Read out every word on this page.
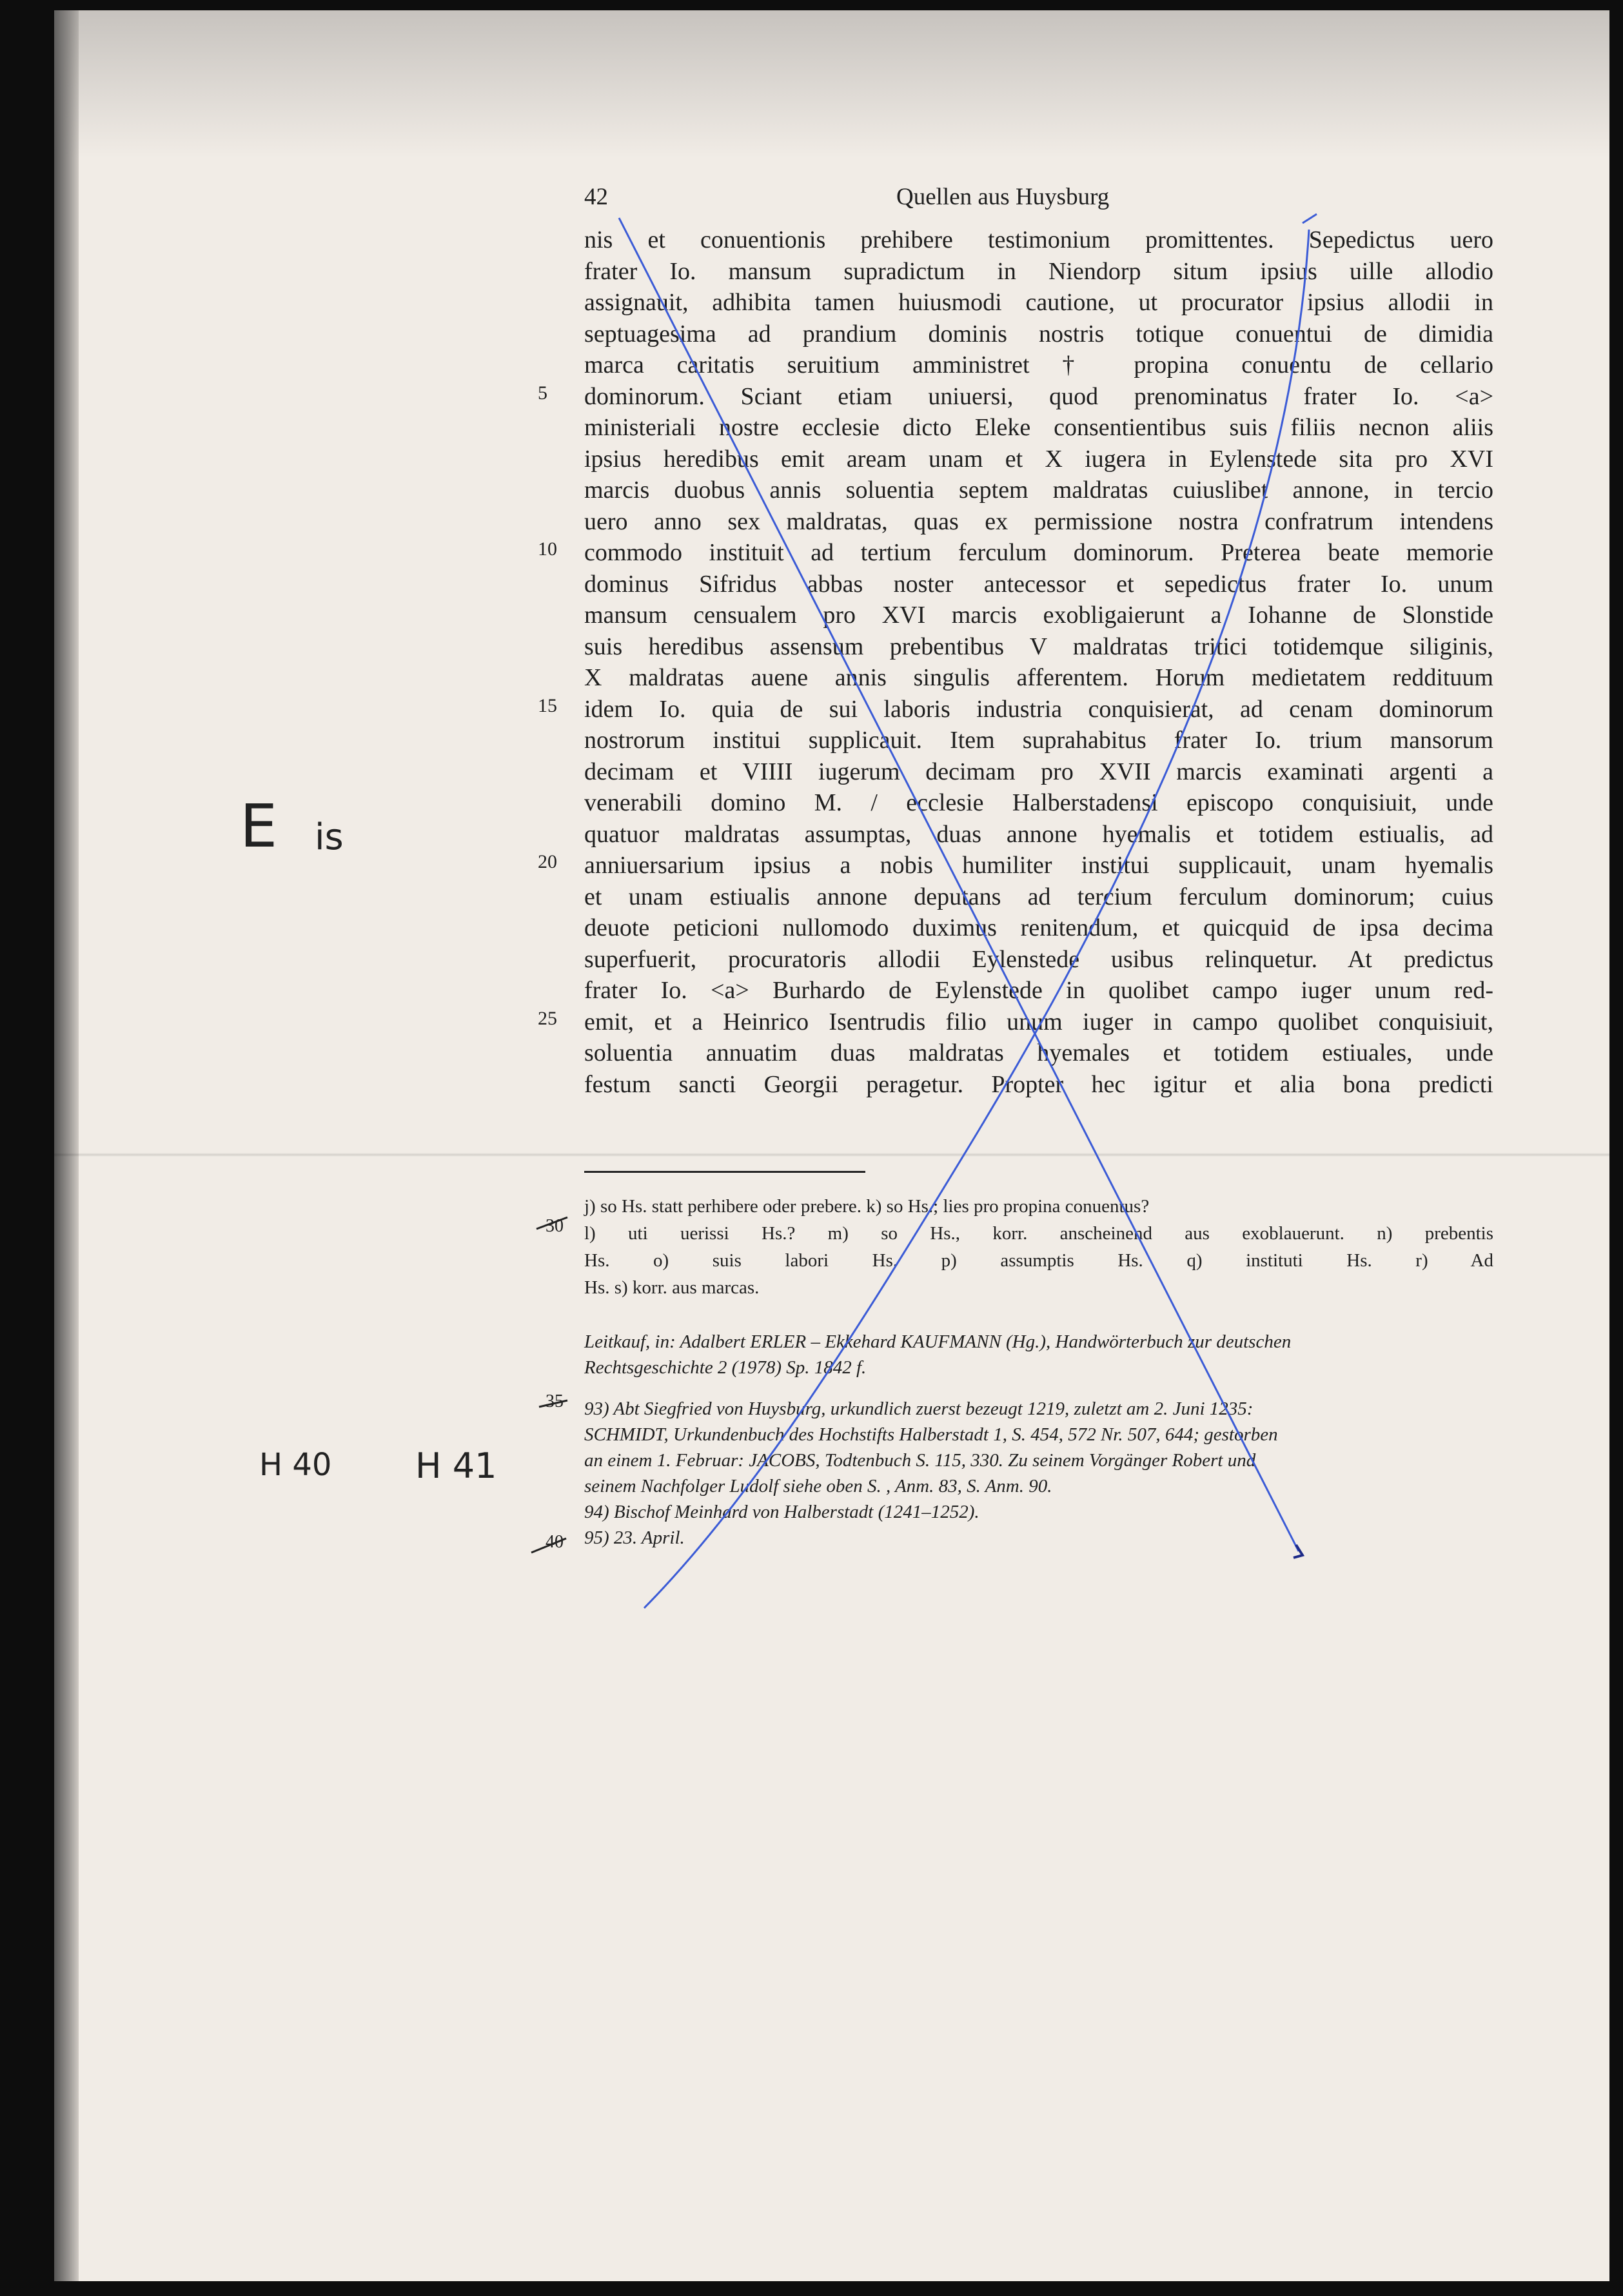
42	Quellen aus Huysburg
nis et conuentionis prehibere testimonium promittentes. Sepedictus uero
frater Io. mansum supradictum in Niendorp situm ipsius uille allodio
assignauit, adhibita tamen huiusmodi cautione, ut procurator ipsius allodii in
septuagesima ad prandium dominis nostris totique conuentui de dimidia
marca caritatis seruitium amministret † propina conuentu de cellario
dominorum. Sciant etiam uniuersi, quod prenominatus frater Io. <a>
ministeriali nostre ecclesie dicto Eleke consentientibus suis filiis necnon aliis
ipsius heredibus emit aream unam et X iugera in Eylenstede sita pro XVI
marcis duobus annis soluentia septem maldratas cuiuslibet annone, in tercio
uero anno sex maldratas, quas ex permissione nostra confratrum intendens
commodo instituit ad tertium ferculum dominorum. Preterea beate memorie
dominus Sifridus abbas noster antecessor et sepedictus frater Io. unum
mansum censualem pro XVI marcis exobligaierunt a Iohanne de Slonstide
suis heredibus assensum prebentibus V maldratas tritici totidemque siliginis,
X maldratas auene annis singulis afferentem. Horum medietatem reddituum
idem Io. quia de sui laboris industria conquisierat, ad cenam dominorum
nostrorum institui supplicauit. Item suprahabitus frater Io. trium mansorum
decimam et VIIII iugerum decimam pro XVII marcis examinati argenti a
venerabili domino M. / ecclesie Halberstadensi episcopo conquisiuit, unde
quatuor maldratas assumptas, duas annone hyemalis et totidem estiualis, ad
anniuersarium ipsius a nobis humiliter institui supplicauit, unam hyemalis
et unam estiualis annone deputans ad tercium ferculum dominorum; cuius
deuote peticioni nullomodo duximus renitendum, et quicquid de ipsa decima
superfuerit, procuratoris allodii Eylenstede usibus relinquetur. At predictus
frater Io. <a> Burhardo de Eylenstede in quolibet campo iuger unum red-
emit, et a Heinrico Isentrudis filio unum iuger in campo quolibet conquisiuit,
soluentia annuatim duas maldratas hyemales et totidem estiuales, unde
festum sancti Georgii peragetur. Propter hec igitur et alia bona predicti
5
10
15
20
25
j) so Hs. statt perhibere oder prebere. k) so Hs.; lies pro propina conuentus?
l) uti uerissi Hs.? m) so Hs., korr. anscheinend aus exoblauerunt. n) prebentis
Hs. o) suis labori Hs. p) assumptis Hs. q) instituti Hs. r) Ad
Hs. s) korr. aus marcas.
Leitkauf, in: Adalbert ERLER – Ekkehard KAUFMANN (Hg.), Handwörterbuch zur deutschen
Rechtsgeschichte 2 (1978) Sp. 1842 f.
93) Abt Siegfried von Huysburg, urkundlich zuerst bezeugt 1219, zuletzt am 2. Juni 1235:
SCHMIDT, Urkundenbuch des Hochstifts Halberstadt 1, S. 454, 572 Nr. 507, 644; gestorben
an einem 1. Februar: JACOBS, Todtenbuch S. 115, 330. Zu seinem Vorgänger Robert und
seinem Nachfolger Ludolf siehe oben S. , Anm. 83, S. Anm. 90.
94) Bischof Meinhard von Halberstadt (1241–1252).
95) 23. April.
30
35
40
E is
H 40 H 41
